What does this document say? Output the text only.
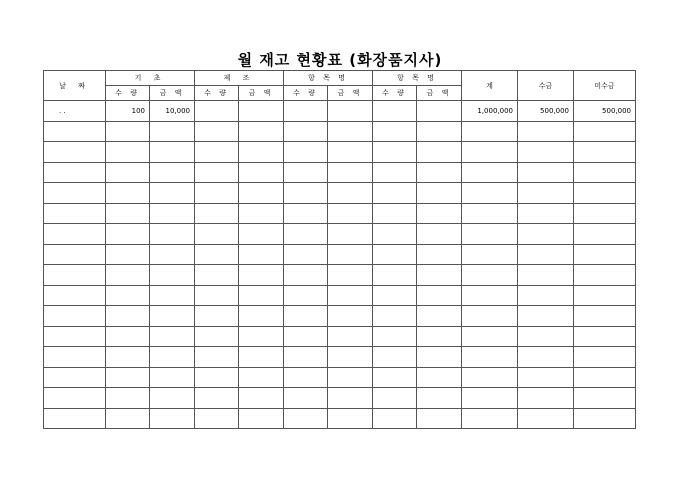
월 재고 현황표 (화장품지사)
날 짜	기 초		제 조		항 목 명		항 목 명		계	수금	미수금
	수 량	금 액	수 량	금 액	수 량	금 액	수 량	금 액			
. .	100	10,000							1,000,000	500,000	500,000
